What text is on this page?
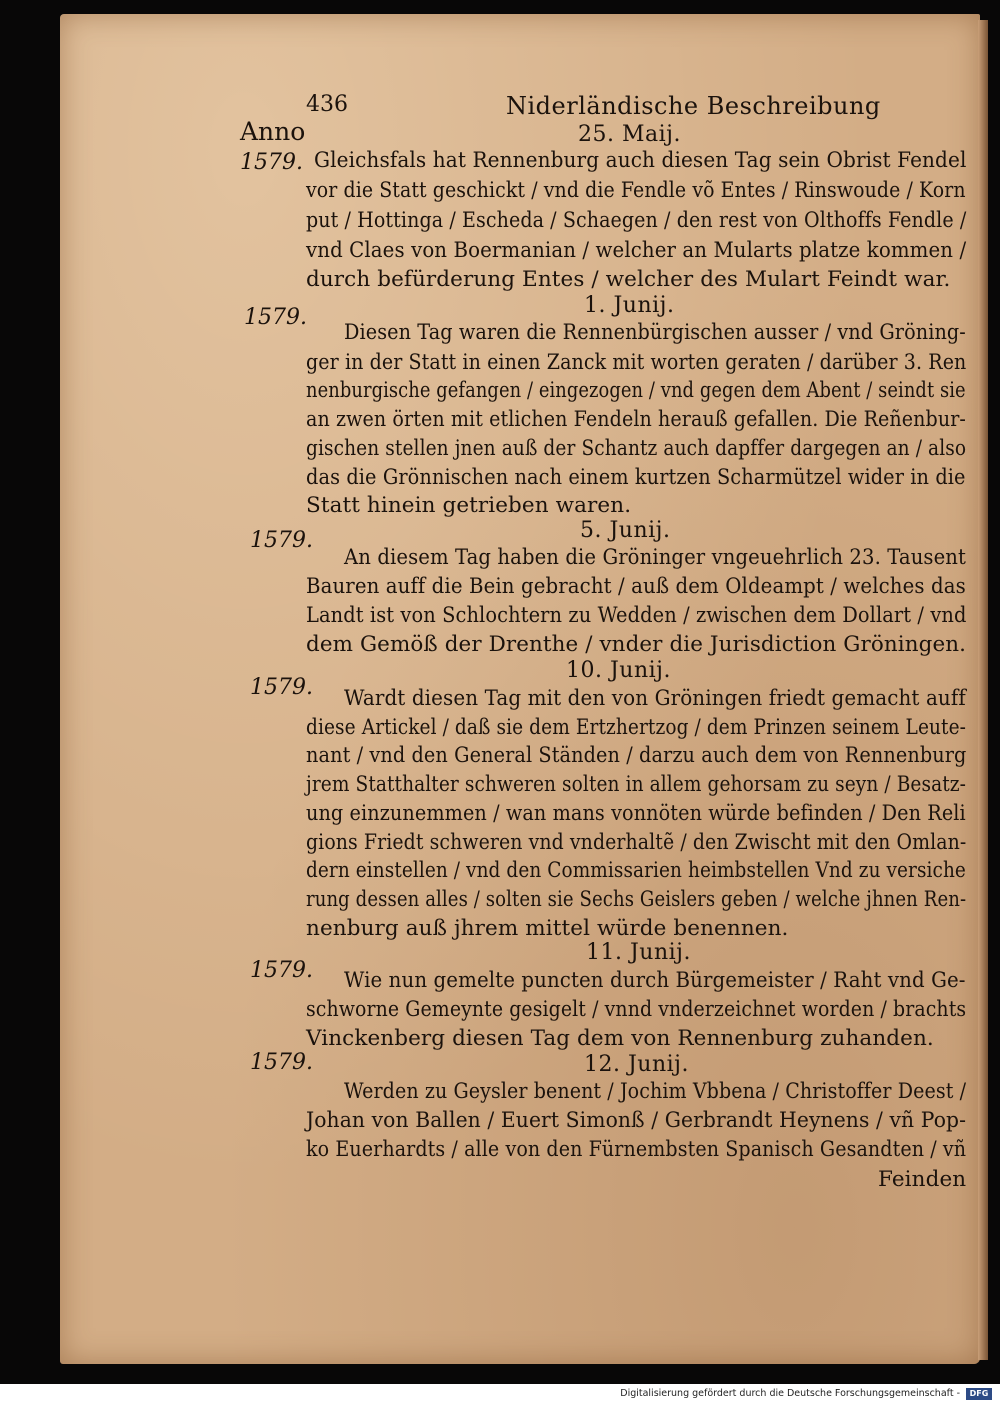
436	Niderländische Beschreibung
Anno	25. Maij.
1579. Gleichsfals hat Rennenburg auch diesen Tag sein Obrist Fendel
vor die Statt geschickt / vnd die Fendle võ Entes / Rinswoude / Korn
put / Hottinga / Escheda / Schaegen / den rest von Olthoffs Fendle /
vnd Claes von Boermanian / welcher an Mularts platze kommen /
durch befürderung Entes / welcher des Mulart Feindt war.
1. Junij.
1579.
Diesen Tag waren die Rennenbürgischen ausser / vnd Gröning-
ger in der Statt in einen Zanck mit worten geraten / darüber 3. Ren
nenburgische gefangen / eingezogen / vnd gegen dem Abent / seindt sie
an zwen örten mit etlichen Fendeln herauß gefallen. Die Reñenbur-
gischen stellen jnen auß der Schantz auch dapffer dargegen an / also
das die Grönnischen nach einem kurtzen Scharmützel wider in die
Statt hinein getrieben waren.
5. Junij.
1579.
An diesem Tag haben die Gröninger vngeuehrlich 23. Tausent
Bauren auff die Bein gebracht / auß dem Oldeampt / welches das
Landt ist von Schlochtern zu Wedden / zwischen dem Dollart / vnd
dem Gemöß der Drenthe / vnder die Jurisdiction Gröningen.
10. Junij.
1579. Wardt diesen Tag mit den von Gröningen friedt gemacht auff
diese Artickel / daß sie dem Ertzhertzog / dem Prinzen seinem Leute-
nant / vnd den General Ständen / darzu auch dem von Rennenburg
jrem Statthalter schweren solten in allem gehorsam zu seyn / Besatz-
ung einzunemmen / wan mans vonnöten würde befinden / Den Reli
gions Friedt schweren vnd vnderhaltẽ / den Zwischt mit den Omlan-
dern einstellen / vnd den Commissarien heimbstellen Vnd zu versiche
rung dessen alles / solten sie Sechs Geislers geben / welche jhnen Ren-
nenburg auß jhrem mittel würde benennen.
11. Junij.
1579. Wie nun gemelte puncten durch Bürgemeister / Raht vnd Ge-
schworne Gemeynte gesigelt / vnnd vnderzeichnet worden / brachts
Vinckenberg diesen Tag dem von Rennenburg zuhanden.
12. Junij.
1579.
Werden zu Geysler benent / Jochim Vbbena / Christoffer Deest /
Johan von Ballen / Euert Simonß / Gerbrandt Heynens / vñ Pop-
ko Euerhardts / alle von den Fürnembsten Spanisch Gesandten / vñ
Feinden
Digitalisierung gefördert durch die Deutsche Forschungsgemeinschaft -	DFG
